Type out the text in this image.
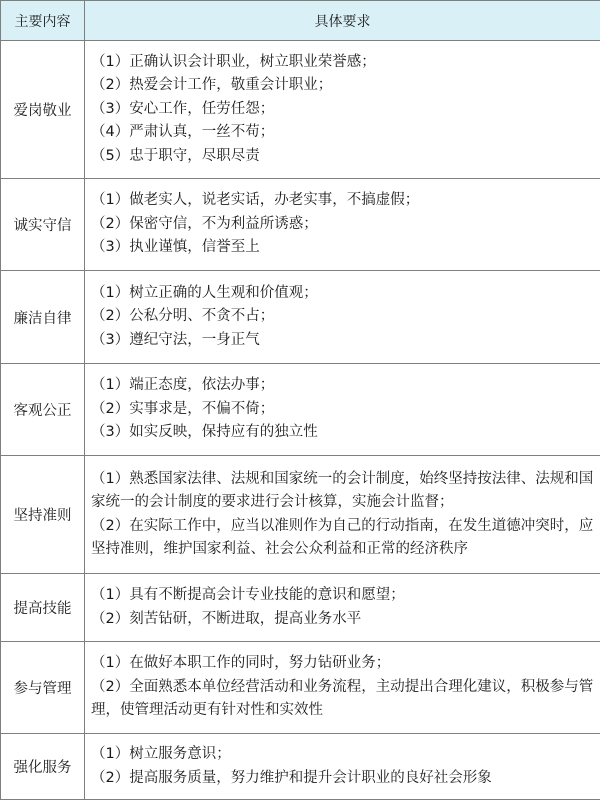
主要内容	具体要求
爱岗敬业	（1）正确认识会计职业，树立职业荣誉感；
（2）热爱会计工作，敬重会计职业；
（3）安心工作，任劳任怨；
（4）严肃认真，一丝不苟；
（5）忠于职守，尽职尽责

诚实守信	（1）做老实人，说老实话，办老实事，不搞虚假；
（2）保密守信，不为利益所诱惑；
（3）执业谨慎，信誉至上

廉洁自律	（1）树立正确的人生观和价值观；
（2）公私分明、不贪不占；
（3）遵纪守法，一身正气

客观公正	（1）端正态度，依法办事；
（2）实事求是，不偏不倚；
（3）如实反映，保持应有的独立性

坚持准则	（1）熟悉国家法律、法规和国家统一的会计制度，始终坚持按法律、法规和国家统一的会计制度的要求进行会计核算，实施会计监督；
（2）在实际工作中，应当以准则作为自己的行动指南，在发生道德冲突时，应坚持准则，维护国家利益、社会公众利益和正常的经济秩序

提高技能	（1）具有不断提高会计专业技能的意识和愿望；
（2）刻苦钻研，不断进取，提高业务水平

参与管理	（1）在做好本职工作的同时，努力钻研业务；
（2）全面熟悉本单位经营活动和业务流程，主动提出合理化建议，积极参与管理，使管理活动更有针对性和实效性

强化服务	（1）树立服务意识；
（2）提高服务质量，努力维护和提升会计职业的良好社会形象
